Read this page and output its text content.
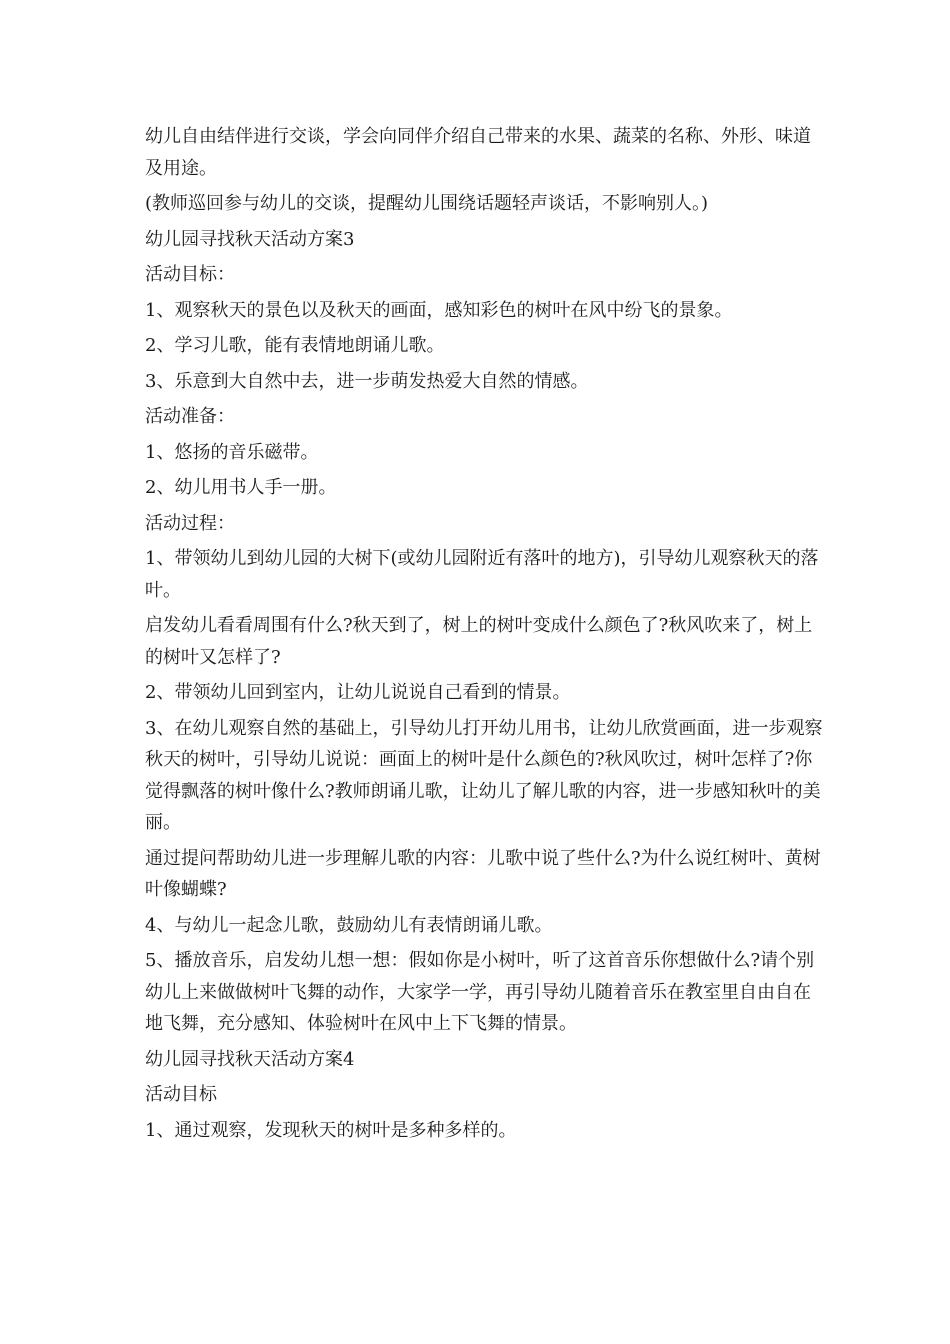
幼儿自由结伴进行交谈，学会向同伴介绍自己带来的水果、蔬菜的名称、外形、味道及用途。

(教师巡回参与幼儿的交谈，提醒幼儿围绕话题轻声谈话，不影响别人。)

幼儿园寻找秋天活动方案3

活动目标：

1、观察秋天的景色以及秋天的画面，感知彩色的树叶在风中纷飞的景象。

2、学习儿歌，能有表情地朗诵儿歌。

3、乐意到大自然中去，进一步萌发热爱大自然的情感。

活动准备：

1、悠扬的音乐磁带。

2、幼儿用书人手一册。

活动过程：

1、带领幼儿到幼儿园的大树下(或幼儿园附近有落叶的地方)，引导幼儿观察秋天的落叶。

启发幼儿看看周围有什么?秋天到了，树上的树叶变成什么颜色了?秋风吹来了，树上的树叶又怎样了?

2、带领幼儿回到室内，让幼儿说说自己看到的情景。

3、在幼儿观察自然的基础上，引导幼儿打开幼儿用书，让幼儿欣赏画面，进一步观察秋天的树叶，引导幼儿说说：画面上的树叶是什么颜色的?秋风吹过，树叶怎样了?你觉得飘落的树叶像什么?教师朗诵儿歌，让幼儿了解儿歌的内容，进一步感知秋叶的美丽。

通过提问帮助幼儿进一步理解儿歌的内容：儿歌中说了些什么?为什么说红树叶、黄树叶像蝴蝶?

4、与幼儿一起念儿歌，鼓励幼儿有表情朗诵儿歌。

5、播放音乐，启发幼儿想一想：假如你是小树叶，听了这首音乐你想做什么?请个别幼儿上来做做树叶飞舞的动作，大家学一学，再引导幼儿随着音乐在教室里自由自在地飞舞，充分感知、体验树叶在风中上下飞舞的情景。

幼儿园寻找秋天活动方案4

活动目标

1、通过观察，发现秋天的树叶是多种多样的。
